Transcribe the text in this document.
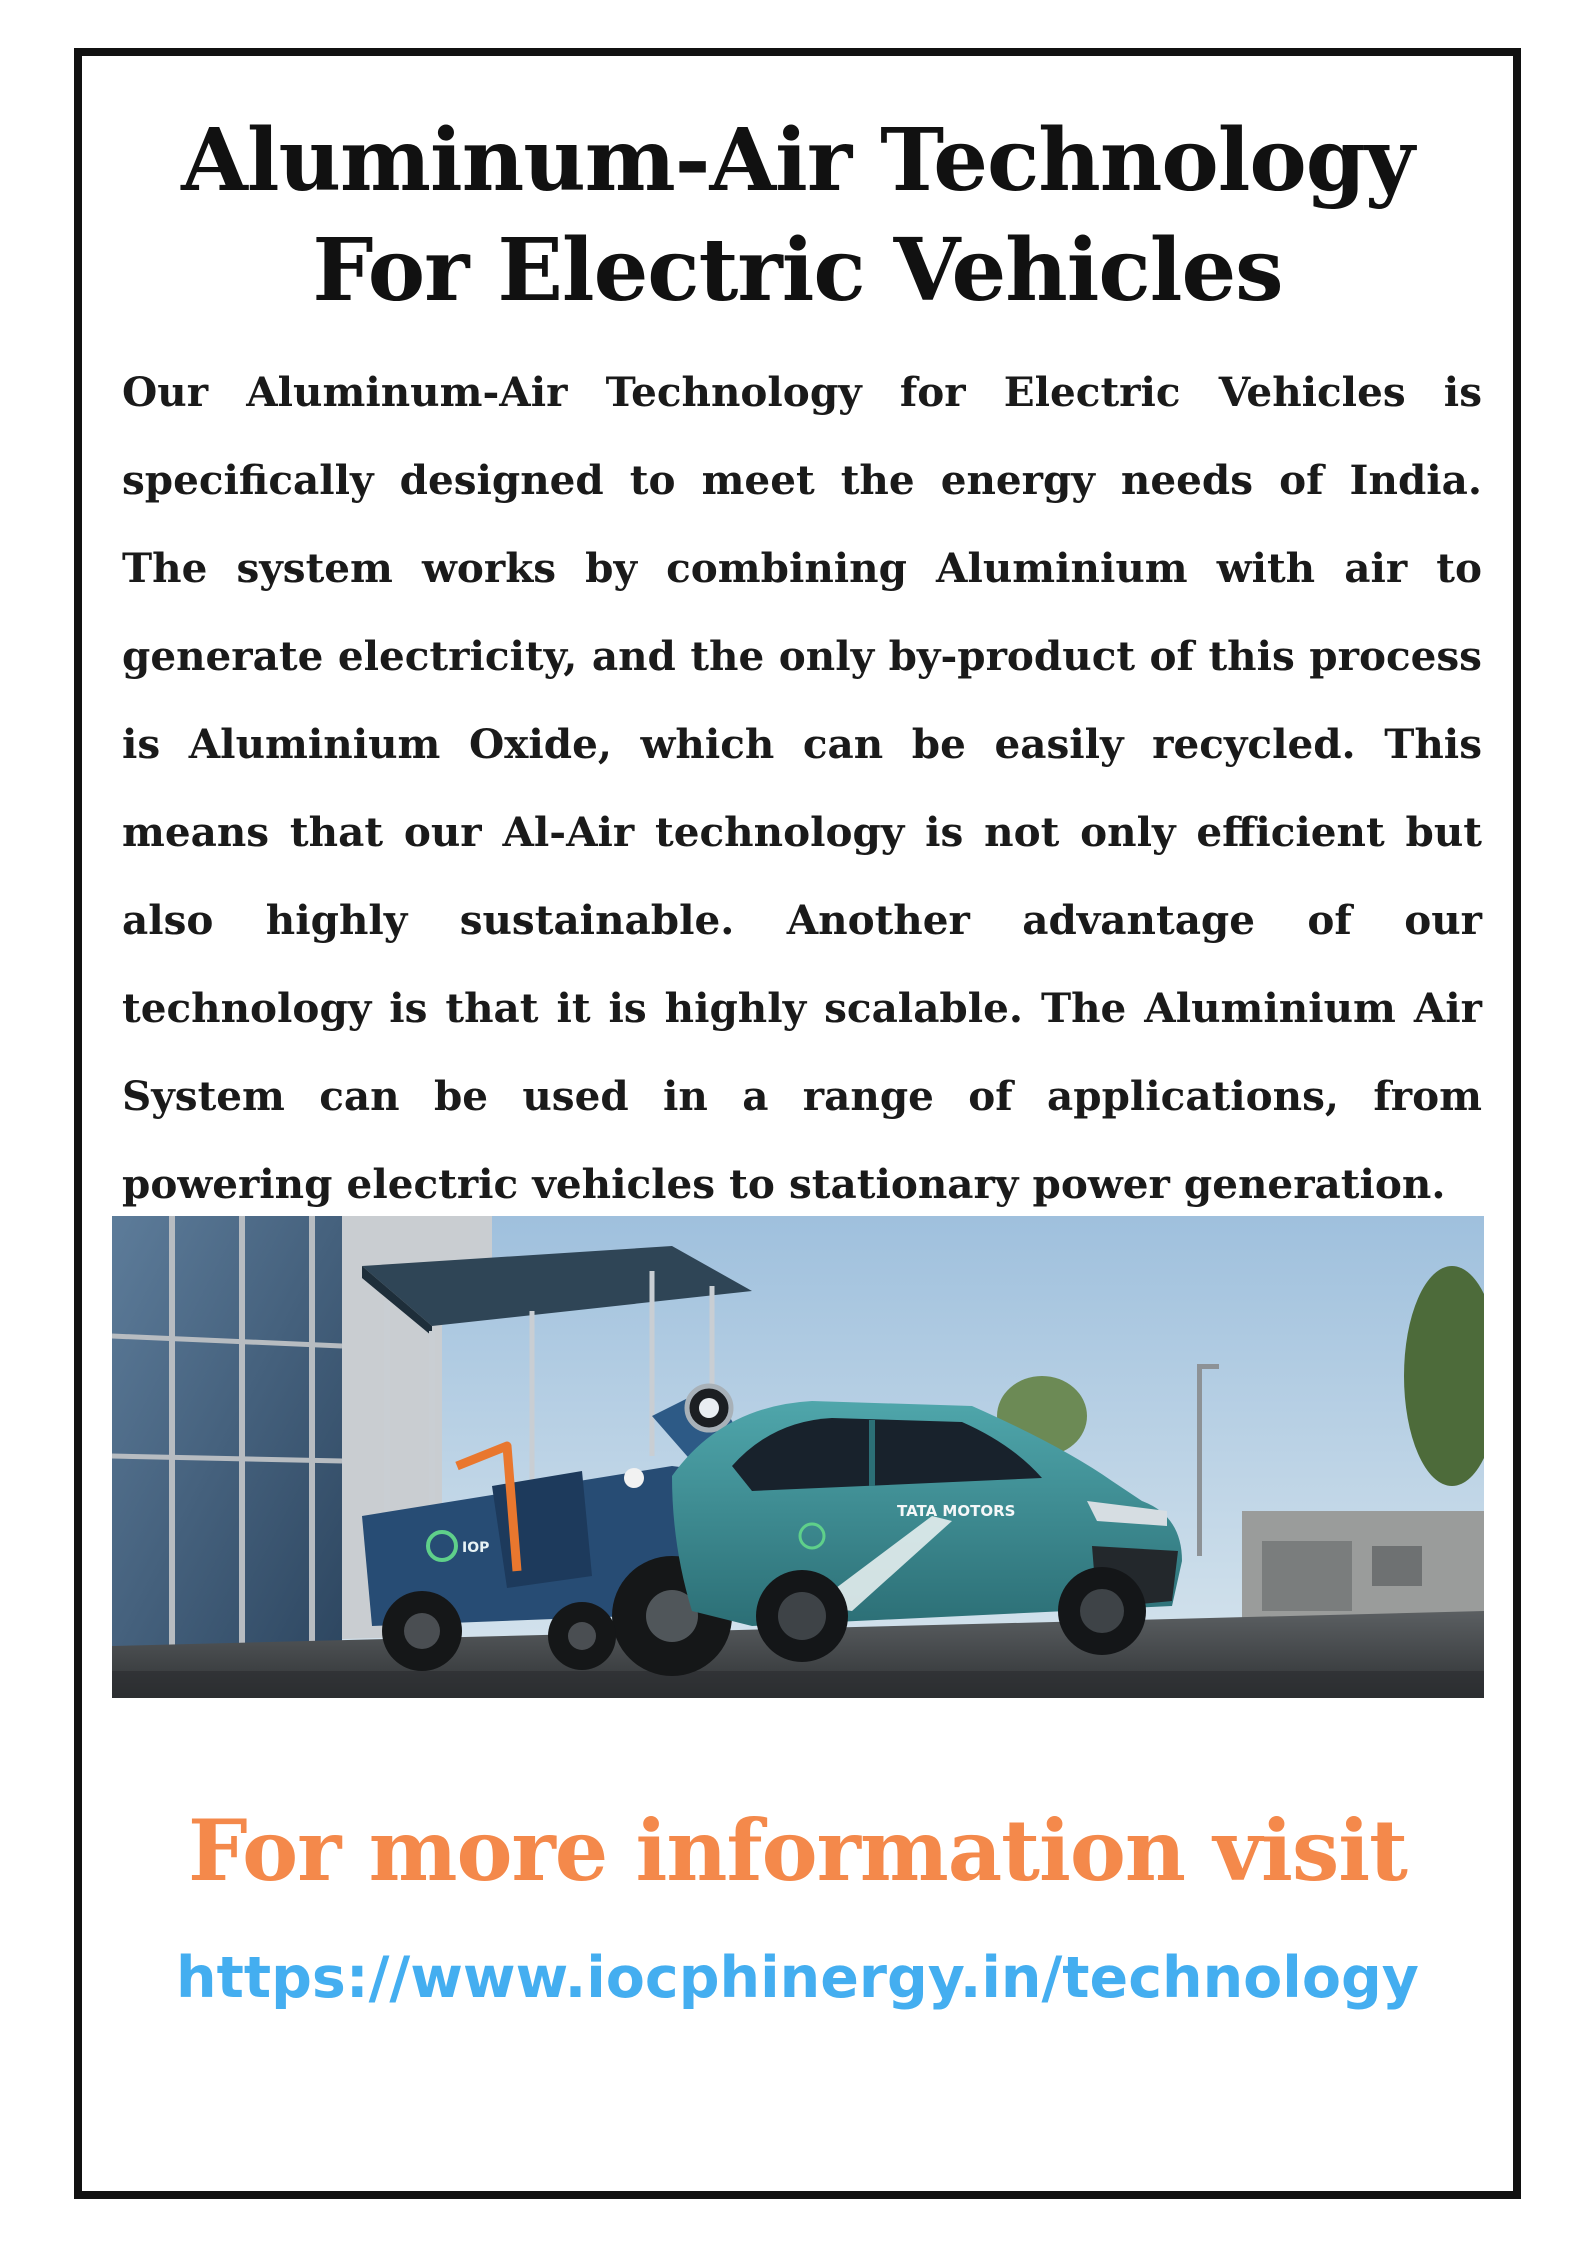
Aluminum-Air Technology
For Electric Vehicles

Our Aluminum-Air Technology for Electric Vehicles is specifically designed to meet the energy needs of India. The system works by combining Aluminium with air to generate electricity, and the only by-product of this process is Aluminium Oxide, which can be easily recycled. This means that our Al-Air technology is not only efficient but also highly sustainable. Another advantage of our technology is that it is highly scalable. The Aluminium Air System can be used in a range of applications, from powering electric vehicles to stationary power generation.

IOP
TATA MOTORS
For more information visit
https://www.iocphinergy.in/technology
